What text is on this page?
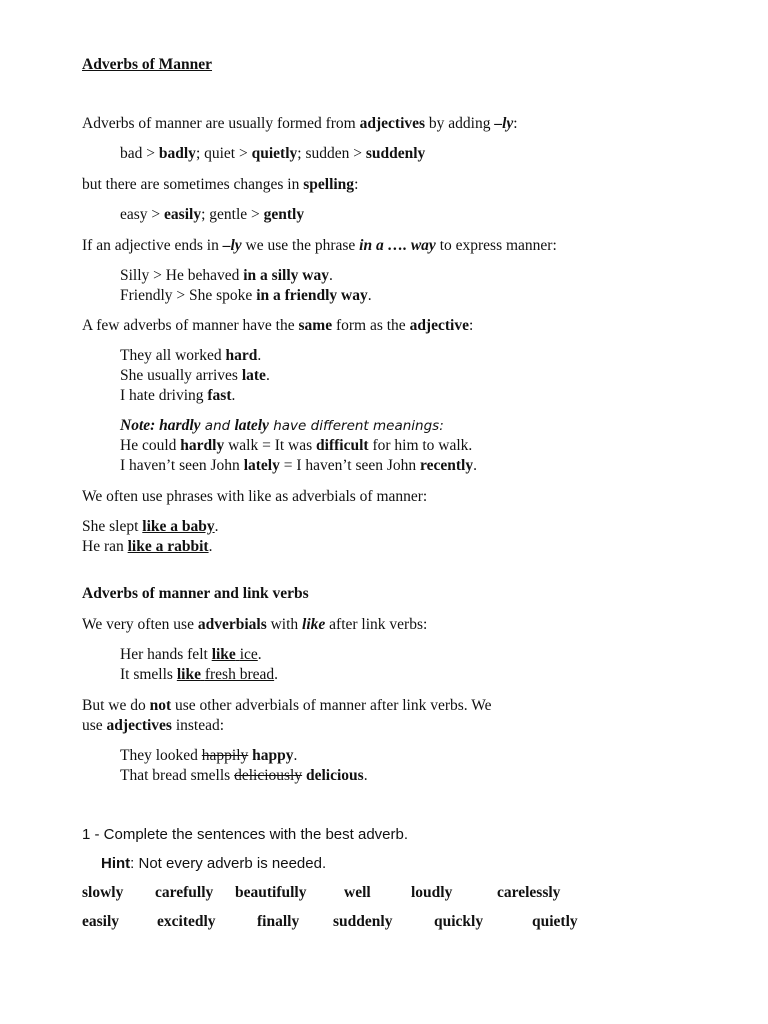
Adverbs of Manner
Adverbs of manner are usually formed from adjectives by adding –ly:
bad > badly; quiet > quietly; sudden > suddenly
but there are sometimes changes in spelling:
easy > easily; gentle > gently
If an adjective ends in –ly we use the phrase in a …. way to express manner:
Silly > He behaved in a silly way.
Friendly > She spoke in a friendly way.
A few adverbs of manner have the same form as the adjective:
They all worked hard.
She usually arrives late.
I hate driving fast.
Note: hardly and lately have different meanings:
He could hardly walk = It was difficult for him to walk.
I haven’t seen John lately = I haven’t seen John recently.
We often use phrases with like as adverbials of manner:
She slept like a baby.
He ran like a rabbit.
Adverbs of manner and link verbs
We very often use adverbials with like after link verbs:
Her hands felt like ice.
It smells like fresh bread.
But we do not use other adverbials of manner after link verbs. We
use adjectives instead:
They looked happily happy.
That bread smells deliciously delicious.
1 - Complete the sentences with the best adverb.
Hint: Not every adverb is needed.
slowly carefully beautifully well	loudly	carelessly
easily excitedly	finally suddenly	quickly	quietly
